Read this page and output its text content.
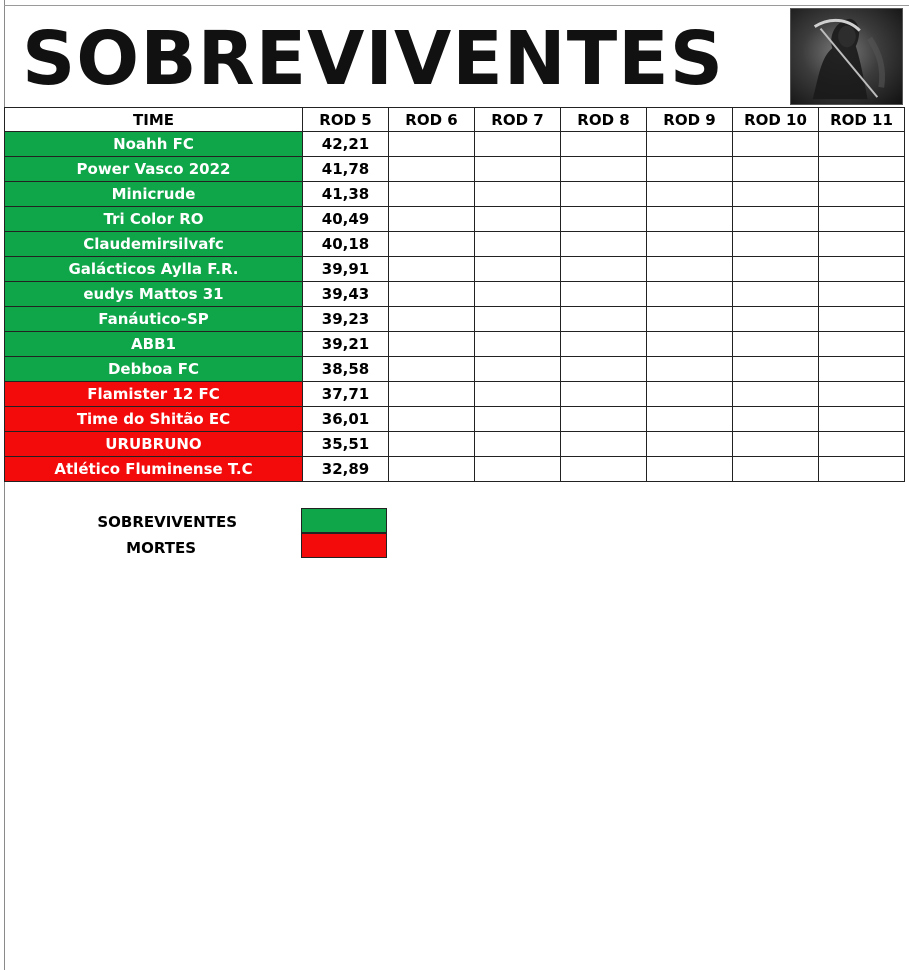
SOBREVIVENTES
TIME	ROD 5	ROD 6	ROD 7	ROD 8	ROD 9	ROD 10	ROD 11
Noahh FC	42,21						
Power Vasco 2022	41,78						
Minicrude	41,38						
Tri Color RO	40,49						
Claudemirsilvafc	40,18						
Galácticos Aylla F.R.	39,91						
eudys Mattos 31	39,43						
Fanáutico-SP	39,23						
ABB1	39,21						
Debboa FC	38,58						
Flamister 12 FC	37,71						
Time do Shitão EC	36,01						
URUBRUNO	35,51						
Atlético Fluminense T.C	32,89						
SOBREVIVENTES
MORTES
